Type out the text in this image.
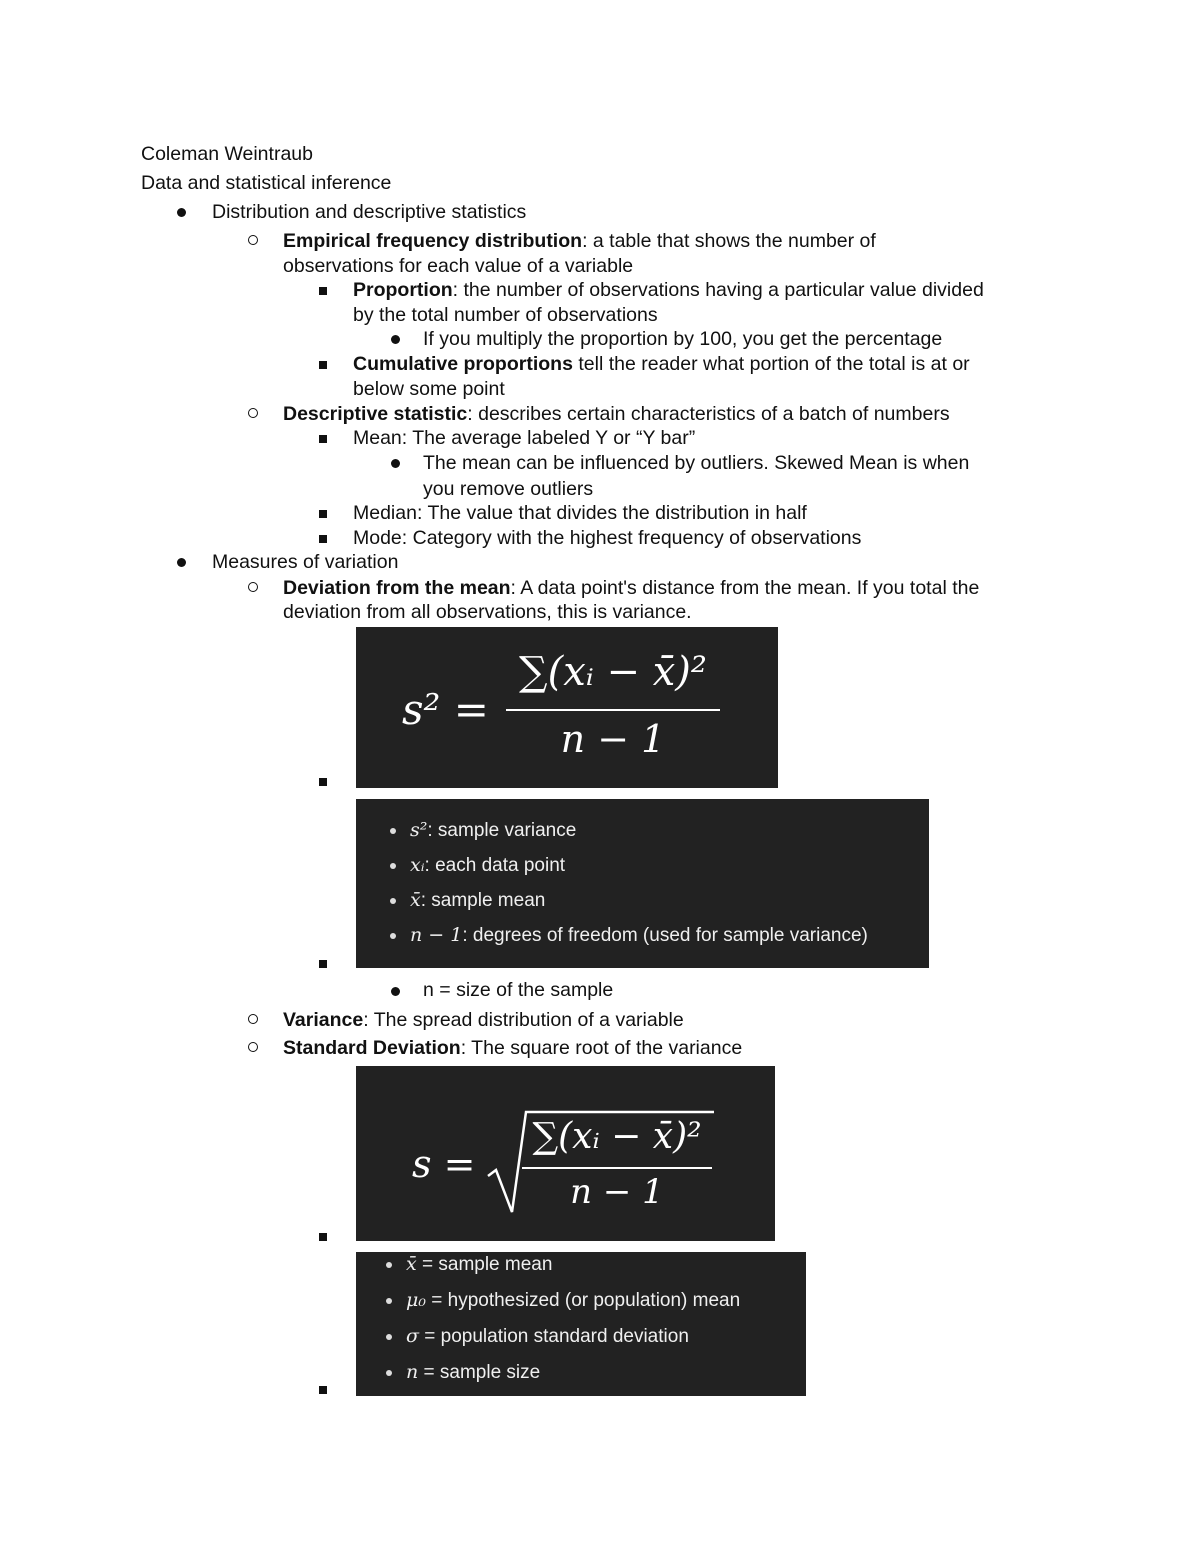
Coleman Weintraub
Data and statistical inference
Distribution and descriptive statistics
Empirical frequency distribution: a table that shows the number of
observations for each value of a variable
Proportion: the number of observations having a particular value divided
by the total number of observations
If you multiply the proportion by 100, you get the percentage
Cumulative proportions tell the reader what portion of the total is at or
below some point
Descriptive statistic: describes certain characteristics of a batch of numbers
Mean: The average labeled Y or “Y bar”
The mean can be influenced by outliers. Skewed Mean is when
you remove outliers
Median: The value that divides the distribution in half
Mode: Category with the highest frequency of observations
Measures of variation
Deviation from the mean: A data point's distance from the mean. If you total the
deviation from all observations, this is variance.
s² =
∑(xᵢ − x̄)²
n − 1
s²: sample variance
xᵢ: each data point
x̄: sample mean
n − 1: degrees of freedom (used for sample variance)
n = size of the sample
Variance: The spread distribution of a variable
Standard Deviation: The square root of the variance
s =
∑(xᵢ − x̄)²
n − 1
x̄ = sample mean
μ₀ = hypothesized (or population) mean
σ = population standard deviation
n = sample size
